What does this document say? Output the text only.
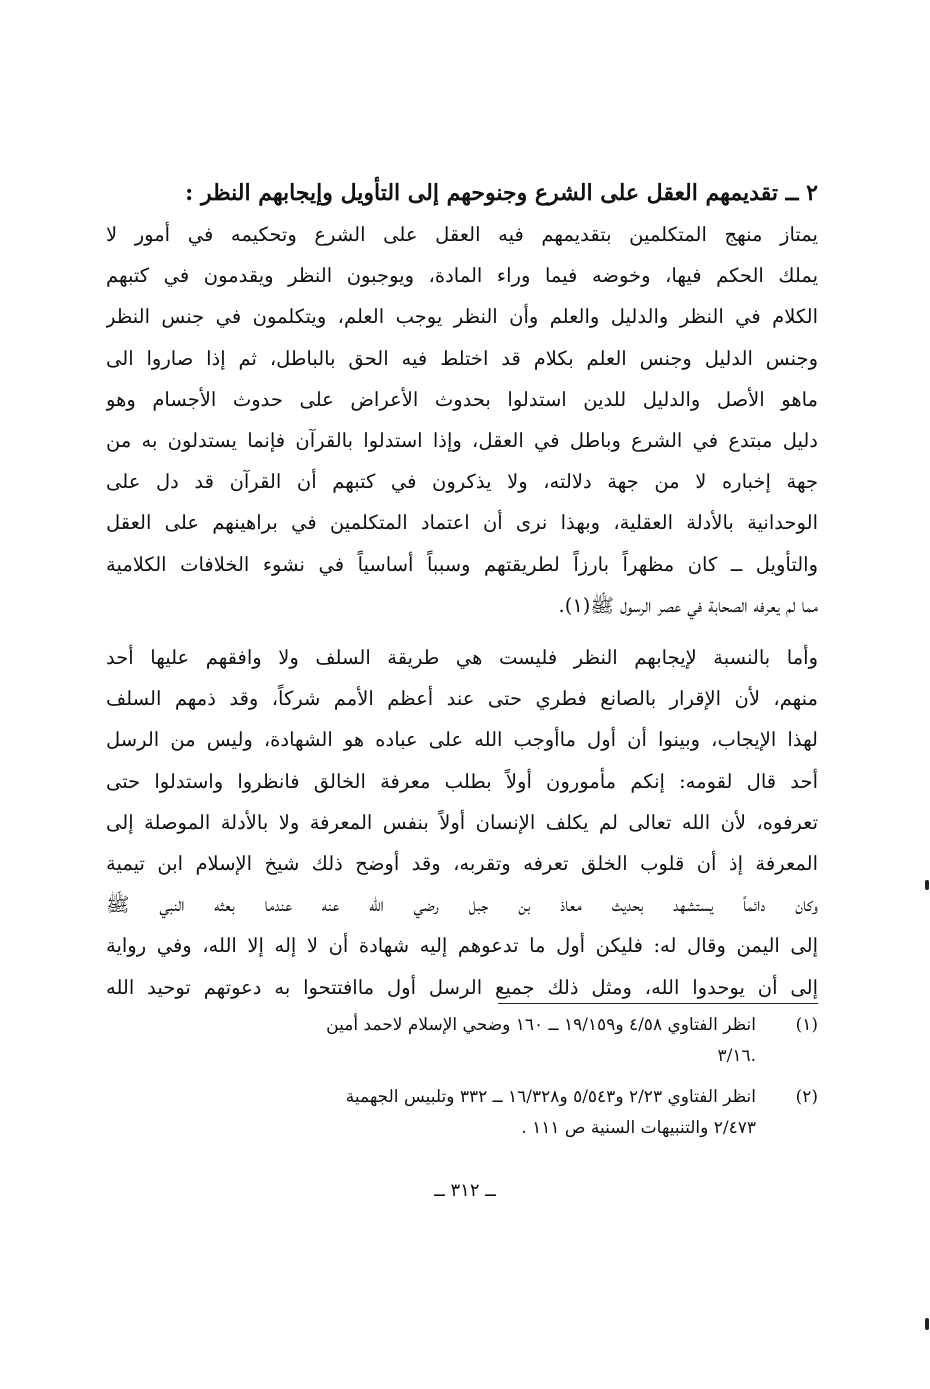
٢ ــ تقديمهم العقل على الشرع وجنوحهم إلى التأويل وإيجابهم النظر :
يمتاز منهج المتكلمين بتقديمهم فيه العقل على الشرع وتحكيمه في أمور لا
يملك الحكم فيها، وخوضه فيما وراء المادة، ويوجبون النظر ويقدمون في كتبهم
الكلام في النظر والدليل والعلم وأن النظر يوجب العلم، ويتكلمون في جنس النظر
وجنس الدليل وجنس العلم بكلام قد اختلط فيه الحق بالباطل، ثم إذا صاروا الى
ماهو الأصل والدليل للدين استدلوا بحدوث الأعراض على حدوث الأجسام وهو
دليل مبتدع في الشرع وباطل في العقل، وإذا استدلوا بالقرآن فإنما يستدلون به من
جهة إخباره لا من جهة دلالته، ولا يذكرون في كتبهم أن القرآن قد دل على
الوحدانية بالأدلة العقلية، وبهذا نرى أن اعتماد المتكلمين في براهينهم على العقل
والتأويل ــ كان مظهراً بارزاً لطريقتهم وسبباً أساسياً في نشوء الخلافات الكلامية
مما لم يعرفه الصحابة في عصر الرسول ﷺ(١).
وأما بالنسبة لإيجابهم النظر فليست هي طريقة السلف ولا وافقهم عليها أحد
منهم، لأن الإقرار بالصانع فطري حتى عند أعظم الأمم شركاً، وقد ذمهم السلف
لهذا الإيجاب، وبينوا أن أول ماأوجب الله على عباده هو الشهادة، وليس من الرسل
أحد قال لقومه: إنكم مأمورون أولاً بطلب معرفة الخالق فانظروا واستدلوا حتى
تعرفوه، لأن الله تعالى لم يكلف الإنسان أولاً بنفس المعرفة ولا بالأدلة الموصلة إلى
المعرفة إذ أن قلوب الخلق تعرفه وتقربه، وقد أوضح ذلك شيخ الإسلام ابن تيمية
وكان دائماً يستشهد بحديث معاذ بن جبل رضي الله عنه عندما بعثه النبي ﷺ
إلى اليمن وقال له: فليكن أول ما تدعوهم إليه شهادة أن لا إله إلا الله، وفي رواية
إلى أن يوحدوا الله، ومثل ذلك جميع الرسل أول ماافتتحوا به دعوتهم توحيد الله
(١)
انظر الفتاوي ٤/٥٨ و١٩/١٥٩ ــ ١٦٠ وضحي الإسلام لاحمد أمين
.٣/١٦
(٢)
انظر الفتاوي ٢/٢٣ و٥/٥٤٣ و١٦/٣٢٨ ــ ٣٣٢ وتلبيس الجهمية
٢/٤٧٣ والتنبيهات السنية ص ١١١ .
ــ ٣١٢ ــ
